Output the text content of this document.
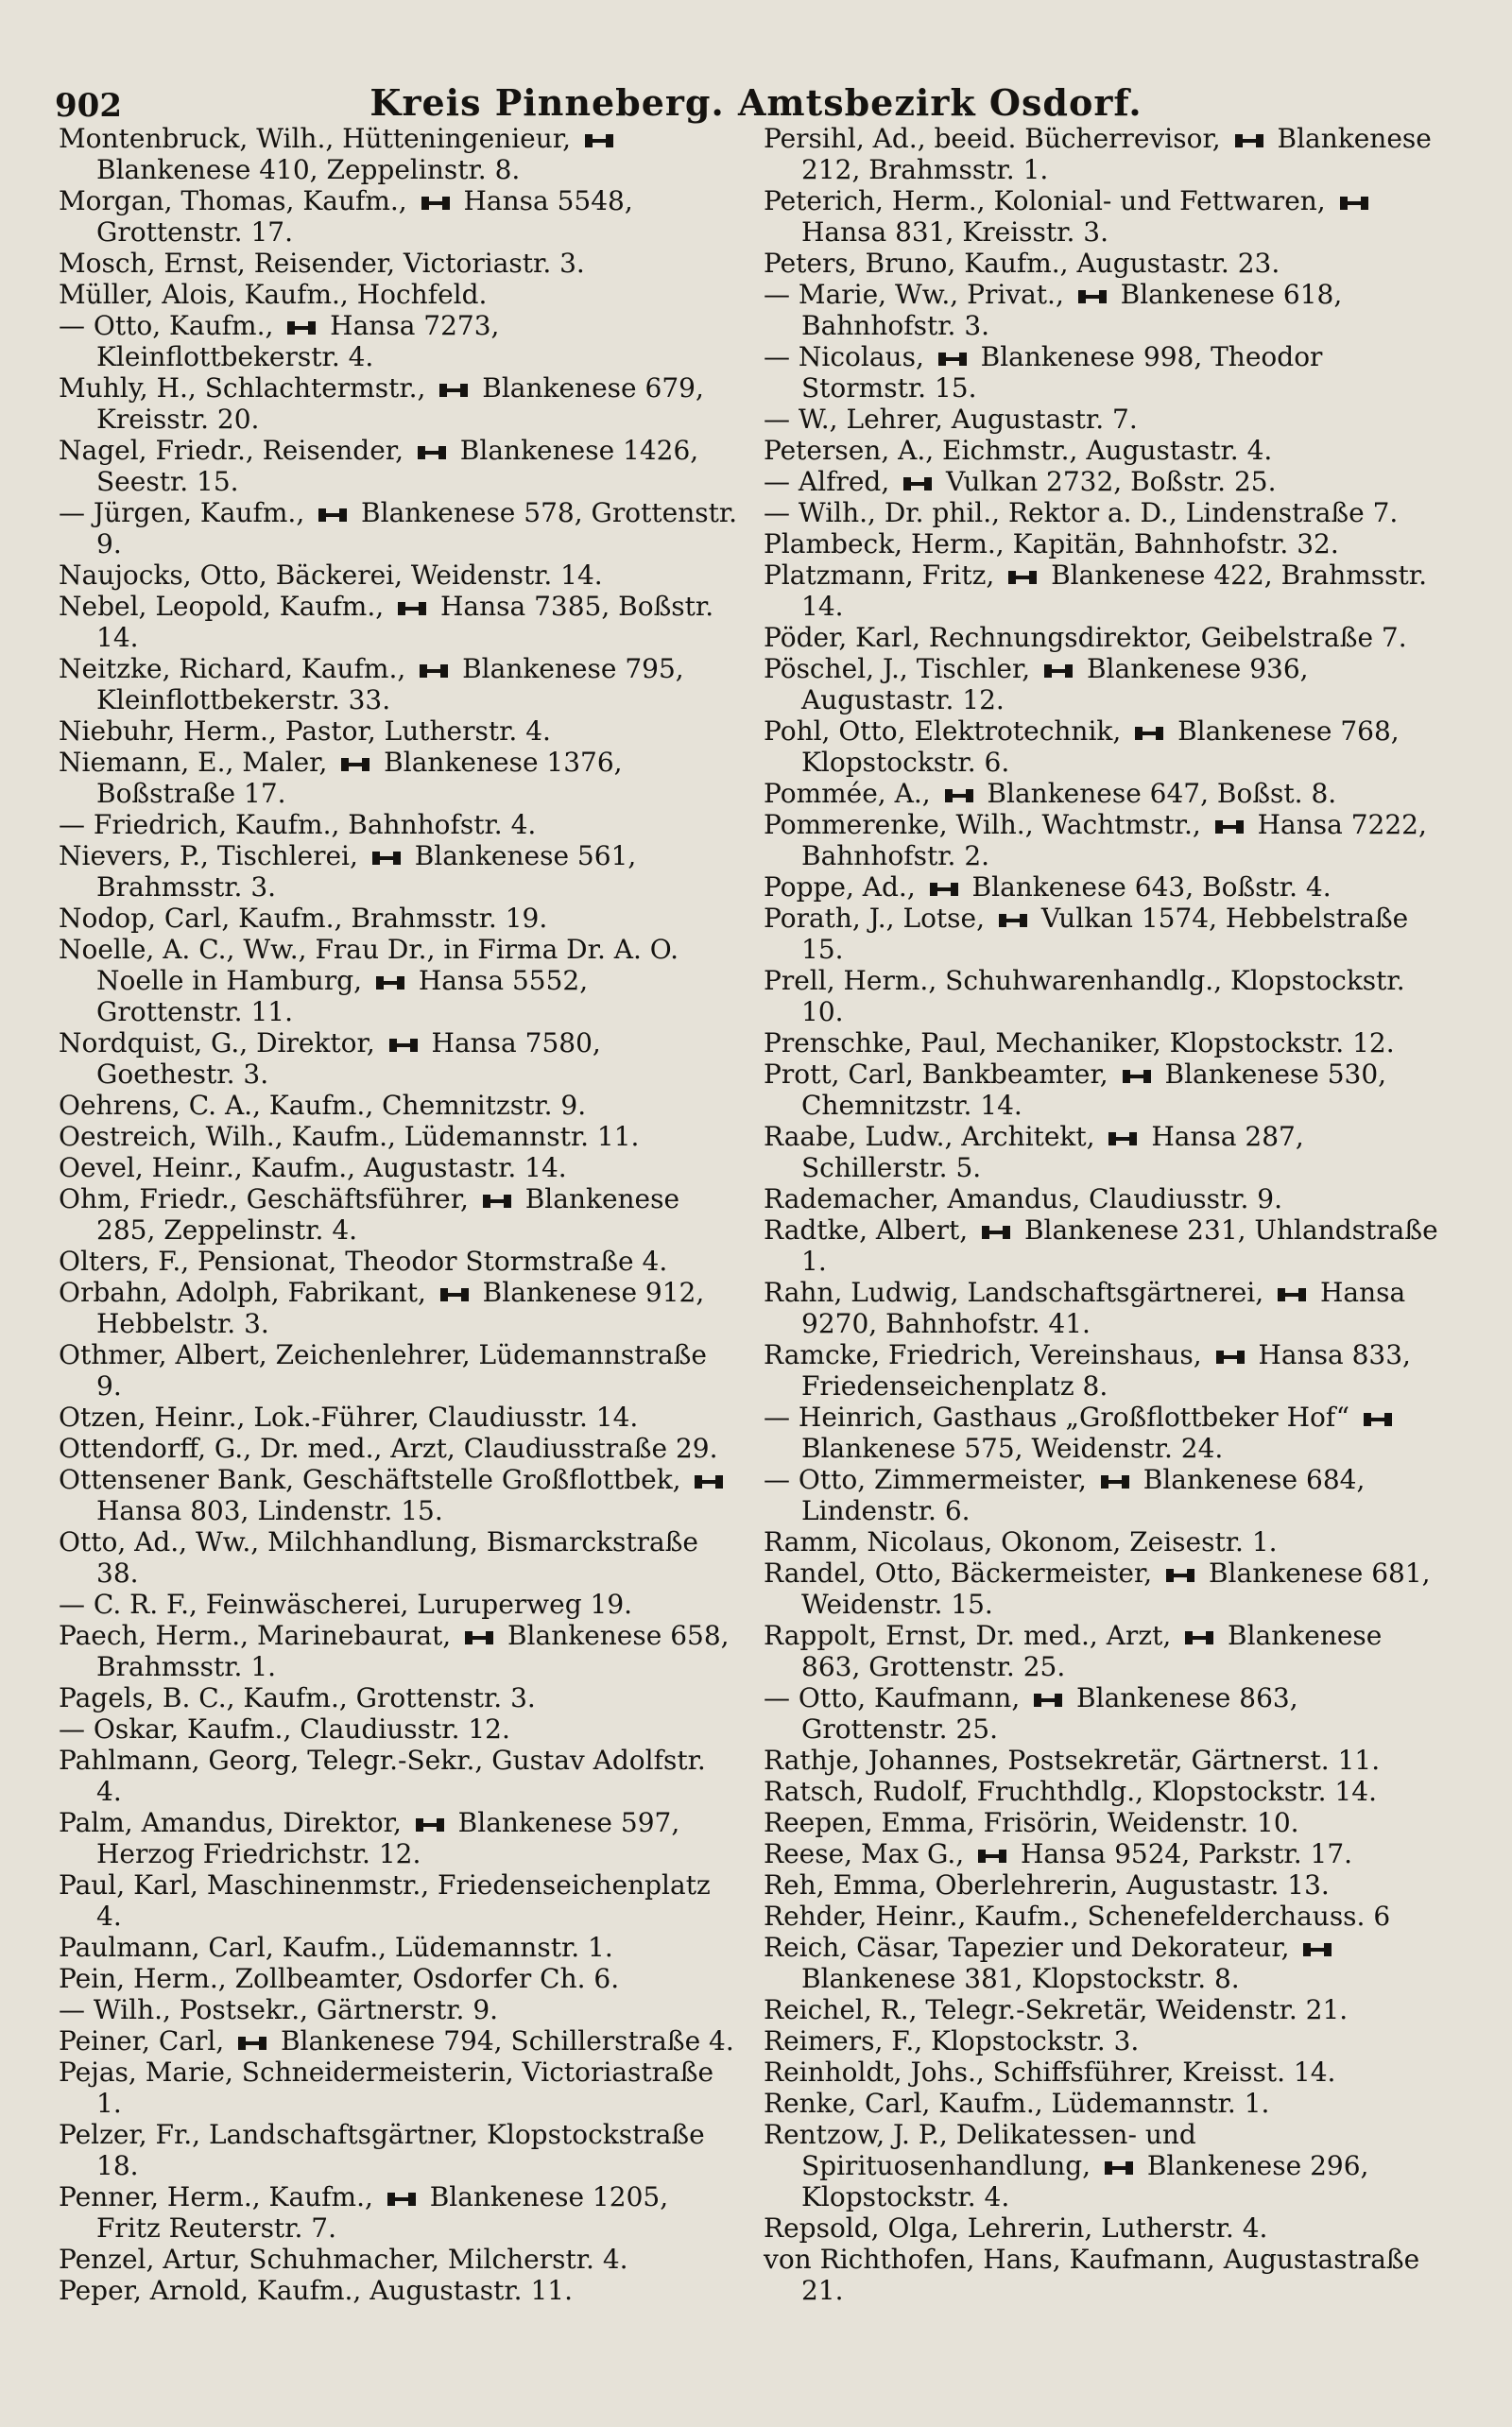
902	Kreis Pinneberg. Amtsbezirk Osdorf.

Montenbruck, Wilh., Hütteningenieur,  Blankenese 410, Zeppelinstr. 8.

Morgan, Thomas, Kaufm.,  Hansa 5548, Grottenstr. 17.

Mosch, Ernst, Reisender, Victoriastr. 3.

Müller, Alois, Kaufm., Hochfeld.

— Otto, Kaufm.,  Hansa 7273, Kleinflottbekerstr. 4.

Muhly, H., Schlachtermstr.,  Blankenese 679, Kreisstr. 20.

Nagel, Friedr., Reisender,  Blankenese 1426, Seestr. 15.

— Jürgen, Kaufm.,  Blankenese 578, Grottenstr. 9.

Naujocks, Otto, Bäckerei, Weidenstr. 14.

Nebel, Leopold, Kaufm.,  Hansa 7385, Boßstr. 14.

Neitzke, Richard, Kaufm.,  Blankenese 795, Kleinflottbekerstr. 33.

Niebuhr, Herm., Pastor, Lutherstr. 4.

Niemann, E., Maler,  Blankenese 1376, Boßstraße 17.

— Friedrich, Kaufm., Bahnhofstr. 4.

Nievers, P., Tischlerei,  Blankenese 561, Brahmsstr. 3.

Nodop, Carl, Kaufm., Brahmsstr. 19.

Noelle, A. C., Ww., Frau Dr., in Firma Dr. A. O. Noelle in Hamburg,  Hansa 5552, Grottenstr. 11.

Nordquist, G., Direktor,  Hansa 7580, Goethestr. 3.

Oehrens, C. A., Kaufm., Chemnitzstr. 9.

Oestreich, Wilh., Kaufm., Lüdemannstr. 11.

Oevel, Heinr., Kaufm., Augustastr. 14.

Ohm, Friedr., Geschäftsführer,  Blankenese 285, Zeppelinstr. 4.

Olters, F., Pensionat, Theodor Stormstraße 4.

Orbahn, Adolph, Fabrikant,  Blankenese 912, Hebbelstr. 3.

Othmer, Albert, Zeichenlehrer, Lüdemannstraße 9.

Otzen, Heinr., Lok.-Führer, Claudiusstr. 14.

Ottendorff, G., Dr. med., Arzt, Claudiusstraße 29.

Ottensener Bank, Geschäftstelle Großflottbek,  Hansa 803, Lindenstr. 15.

Otto, Ad., Ww., Milchhandlung, Bismarckstraße 38.

— C. R. F., Feinwäscherei, Luruperweg 19.

Paech, Herm., Marinebaurat,  Blankenese 658, Brahmsstr. 1.

Pagels, B. C., Kaufm., Grottenstr. 3.

— Oskar, Kaufm., Claudiusstr. 12.

Pahlmann, Georg, Telegr.-Sekr., Gustav Adolfstr. 4.

Palm, Amandus, Direktor,  Blankenese 597, Herzog Friedrichstr. 12.

Paul, Karl, Maschinenmstr., Friedenseichenplatz 4.

Paulmann, Carl, Kaufm., Lüdemannstr. 1.

Pein, Herm., Zollbeamter, Osdorfer Ch. 6.

— Wilh., Postsekr., Gärtnerstr. 9.

Peiner, Carl,  Blankenese 794, Schillerstraße 4.

Pejas, Marie, Schneidermeisterin, Victoriastraße 1.

Pelzer, Fr., Landschaftsgärtner, Klopstockstraße 18.

Penner, Herm., Kaufm.,  Blankenese 1205, Fritz Reuterstr. 7.

Penzel, Artur, Schuhmacher, Milcherstr. 4.

Peper, Arnold, Kaufm., Augustastr. 11.

Persihl, Ad., beeid. Bücherrevisor,  Blankenese 212, Brahmsstr. 1.

Peterich, Herm., Kolonial- und Fettwaren,  Hansa 831, Kreisstr. 3.

Peters, Bruno, Kaufm., Augustastr. 23.

— Marie, Ww., Privat.,  Blankenese 618, Bahnhofstr. 3.

— Nicolaus,  Blankenese 998, Theodor Stormstr. 15.

— W., Lehrer, Augustastr. 7.

Petersen, A., Eichmstr., Augustastr. 4.

— Alfred,  Vulkan 2732, Boßstr. 25.

— Wilh., Dr. phil., Rektor a. D., Lindenstraße 7.

Plambeck, Herm., Kapitän, Bahnhofstr. 32.

Platzmann, Fritz,  Blankenese 422, Brahmsstr. 14.

Pöder, Karl, Rechnungsdirektor, Geibelstraße 7.

Pöschel, J., Tischler,  Blankenese 936, Augustastr. 12.

Pohl, Otto, Elektrotechnik,  Blankenese 768, Klopstockstr. 6.

Pommée, A.,  Blankenese 647, Boßst. 8.

Pommerenke, Wilh., Wachtmstr.,  Hansa 7222, Bahnhofstr. 2.

Poppe, Ad.,  Blankenese 643, Boßstr. 4.

Porath, J., Lotse,  Vulkan 1574, Hebbelstraße 15.

Prell, Herm., Schuhwarenhandlg., Klopstockstr. 10.

Prenschke, Paul, Mechaniker, Klopstockstr. 12.

Prott, Carl, Bankbeamter,  Blankenese 530, Chemnitzstr. 14.

Raabe, Ludw., Architekt,  Hansa 287, Schillerstr. 5.

Rademacher, Amandus, Claudiusstr. 9.

Radtke, Albert,  Blankenese 231, Uhlandstraße 1.

Rahn, Ludwig, Landschaftsgärtnerei,  Hansa 9270, Bahnhofstr. 41.

Ramcke, Friedrich, Vereinshaus,  Hansa 833, Friedenseichenplatz 8.

— Heinrich, Gasthaus „Großflottbeker Hof“  Blankenese 575, Weidenstr. 24.

— Otto, Zimmermeister,  Blankenese 684, Lindenstr. 6.

Ramm, Nicolaus, Okonom, Zeisestr. 1.

Randel, Otto, Bäckermeister,  Blankenese 681, Weidenstr. 15.

Rappolt, Ernst, Dr. med., Arzt,  Blankenese 863, Grottenstr. 25.

— Otto, Kaufmann,  Blankenese 863, Grottenstr. 25.

Rathje, Johannes, Postsekretär, Gärtnerst. 11.

Ratsch, Rudolf, Fruchthdlg., Klopstockstr. 14.

Reepen, Emma, Frisörin, Weidenstr. 10.

Reese, Max G.,  Hansa 9524, Parkstr. 17.

Reh, Emma, Oberlehrerin, Augustastr. 13.

Rehder, Heinr., Kaufm., Schenefelderchauss. 6

Reich, Cäsar, Tapezier und Dekorateur,  Blankenese 381, Klopstockstr. 8.

Reichel, R., Telegr.-Sekretär, Weidenstr. 21.

Reimers, F., Klopstockstr. 3.

Reinholdt, Johs., Schiffsführer, Kreisst. 14.

Renke, Carl, Kaufm., Lüdemannstr. 1.

Rentzow, J. P., Delikatessen- und Spirituosenhandlung,  Blankenese 296, Klopstockstr. 4.

Repsold, Olga, Lehrerin, Lutherstr. 4.

von Richthofen, Hans, Kaufmann, Augustastraße 21.
